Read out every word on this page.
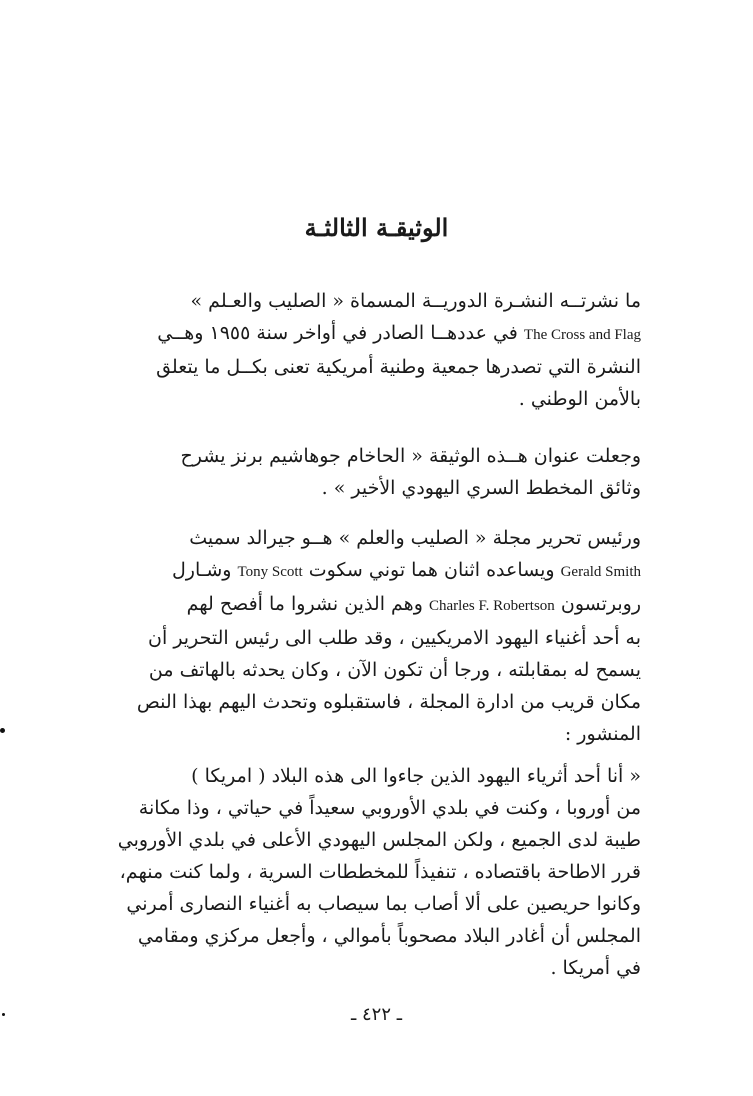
الوثيقـة الثالثـة
ما نشرتــه النشـرة الدوريــة المسماة « الصليب والعـلم »
The Cross and Flag في عددهــا الصادر في أواخر سنة ١٩٥٥ وهــي
النشرة التي تصدرها جمعية وطنية أمريكية تعنى بكــل ما يتعلق
بالأمن الوطني .
وجعلت عنوان هــذه الوثيقة « الحاخام جوهاشيم برنز يشرح
وثائق المخطط السري اليهودي الأخير » .
ورئيس تحرير مجلة « الصليب والعلم » هــو جيرالد سميث
Gerald Smith ويساعده اثنان هما توني سكوت Tony Scott وشـارل
روبرتسون Charles F. Robertson وهم الذين نشروا ما أفصح لهم
به أحد أغنياء اليهود الامريكيين ، وقد طلب الى رئيس التحرير أن
يسمح له بمقابلته ، ورجا أن تكون الآن ، وكان يحدثه بالهاتف من
مكان قريب من ادارة المجلة ، فاستقبلوه وتحدث اليهم بهذا النص
المنشور :
« أنا أحد أثرياء اليهود الذين جاءوا الى هذه البلاد ( امريكا )
من أوروبا ، وكنت في بلدي الأوروبي سعيداً في حياتي ، وذا مكانة
طيبة لدى الجميع ، ولكن المجلس اليهودي الأعلى في بلدي الأوروبي
قرر الاطاحة باقتصاده ، تنفيذاً للمخططات السرية ، ولما كنت منهم،
وكانوا حريصين على ألا أصاب بما سيصاب به أغنياء النصارى أمرني
المجلس أن أغادر البلاد مصحوباً بأموالي ، وأجعل مركزي ومقامي
في أمريكا .
ـ ٤٢٢ ـ
